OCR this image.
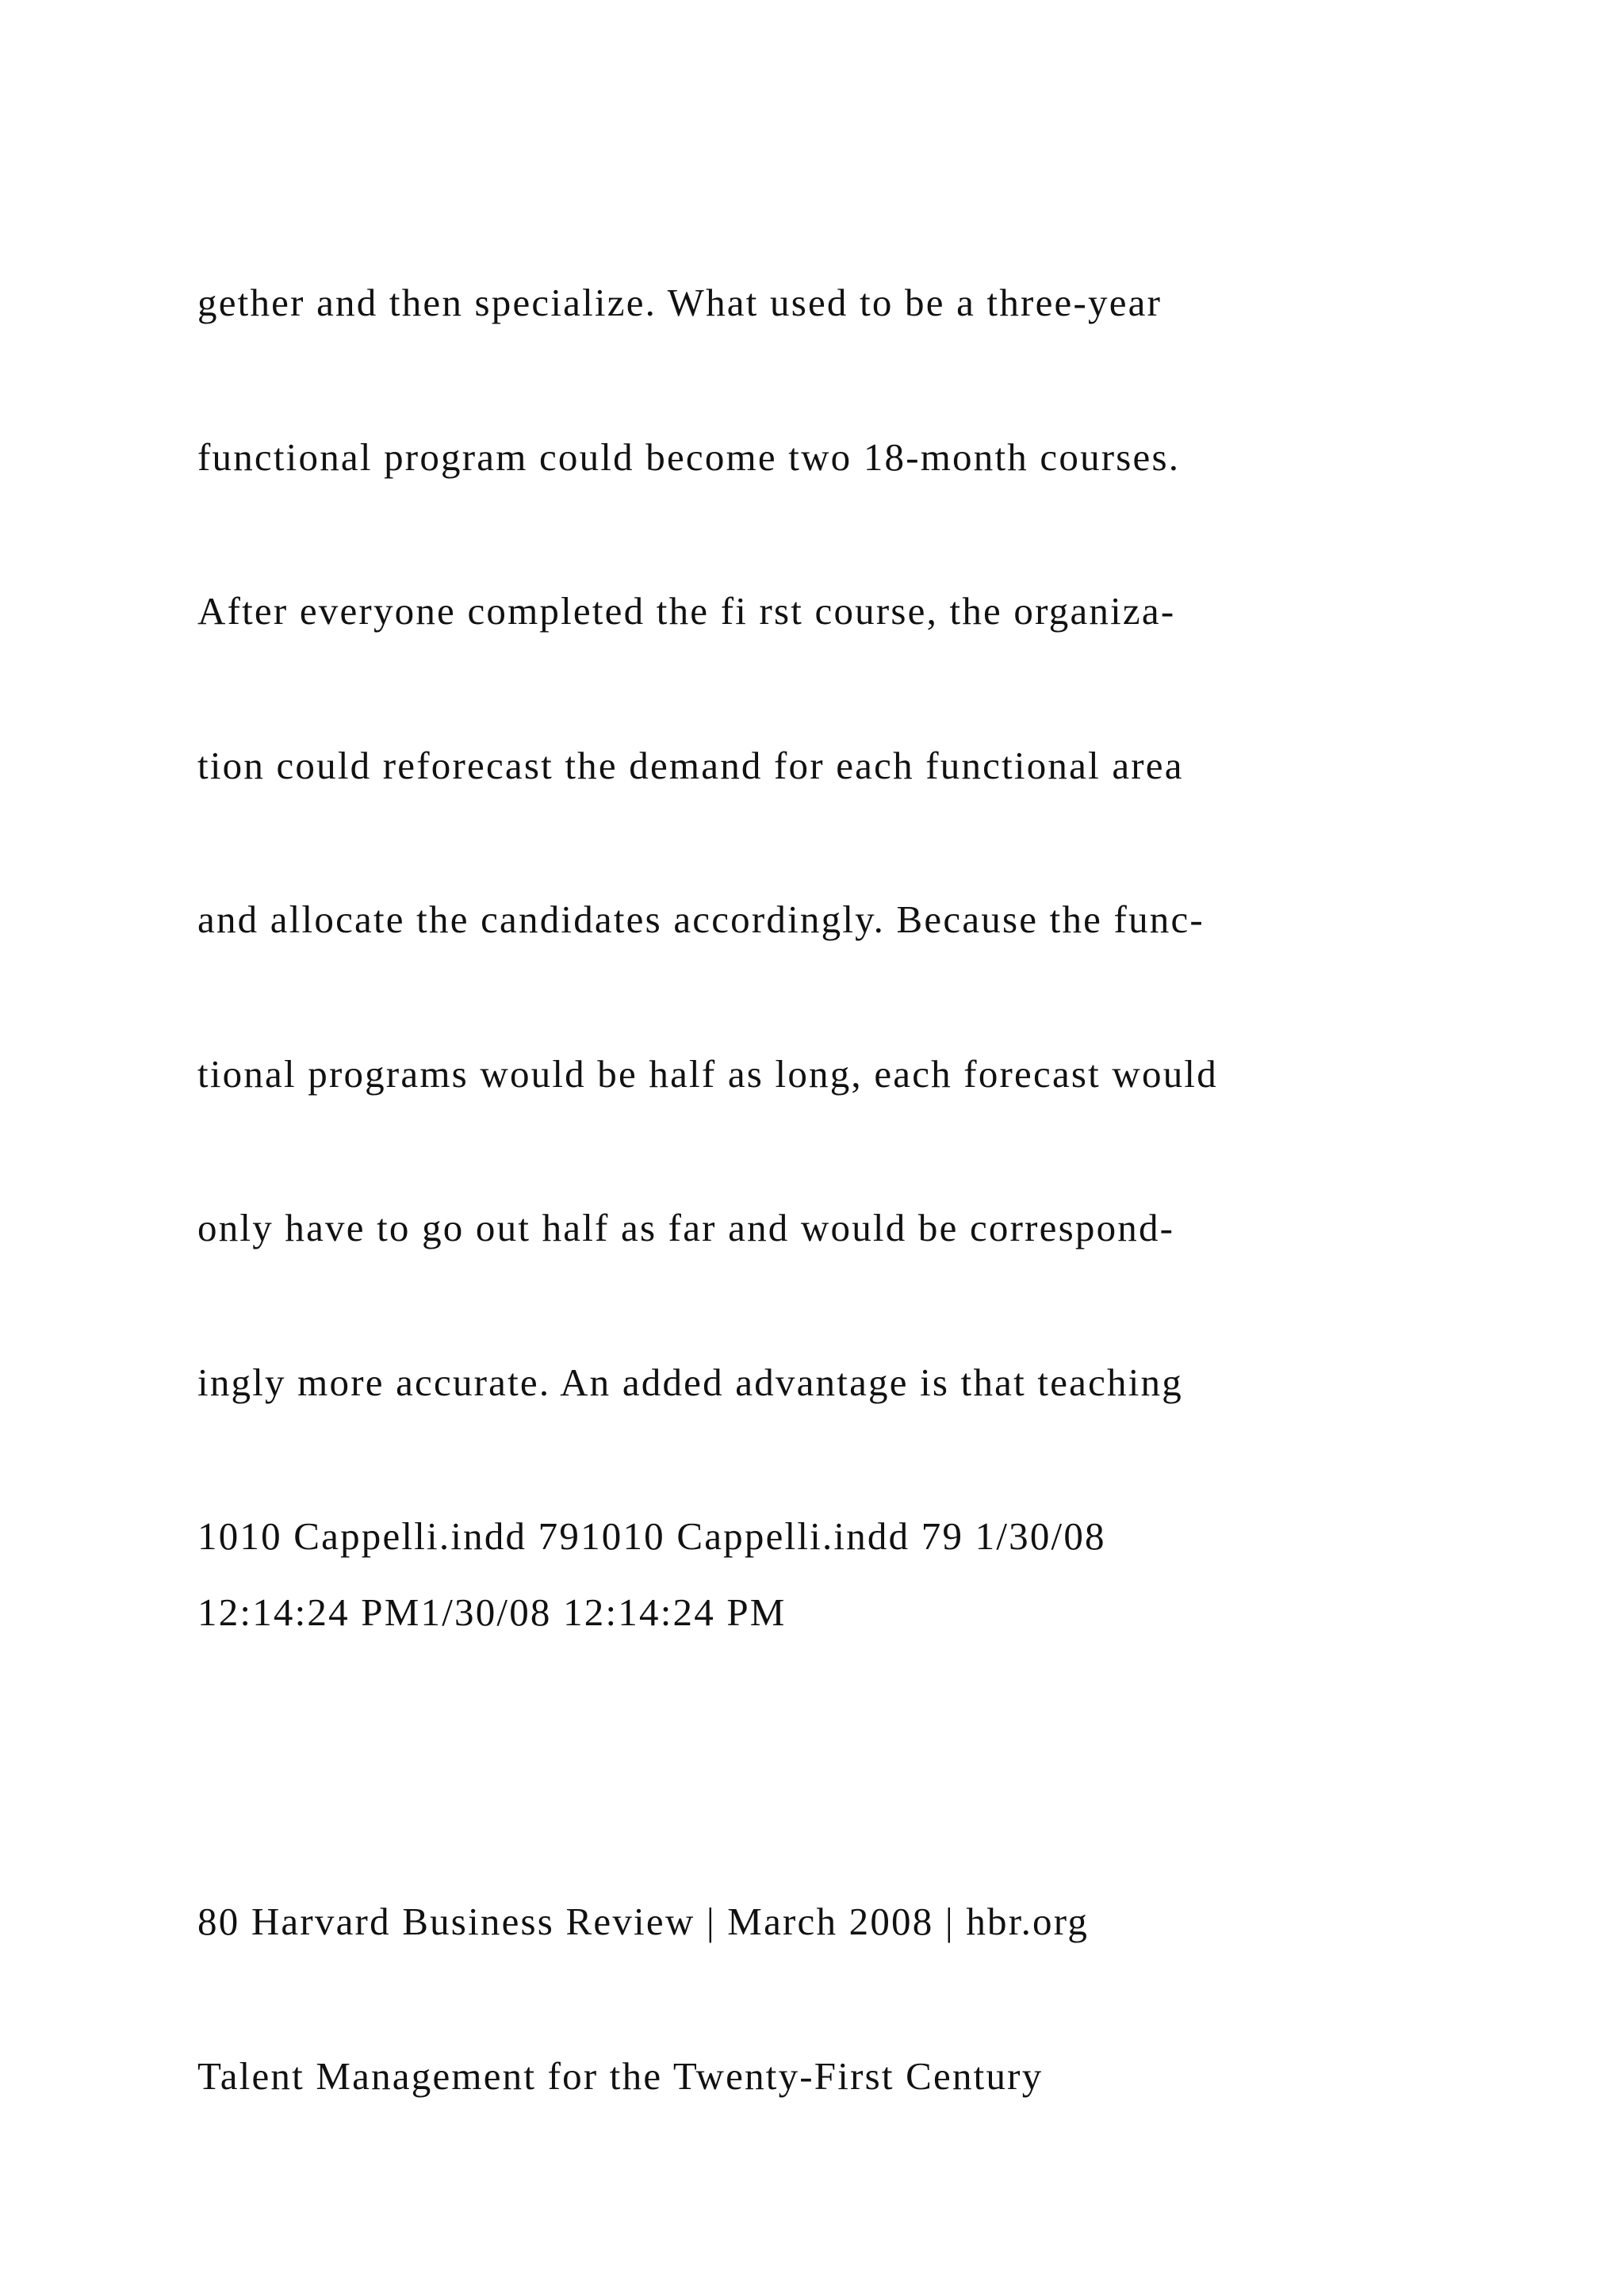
gether and then specialize. What used to be a three-year

functional program could become two 18-month courses.

After everyone completed the fi rst course, the organiza-

tion could reforecast the demand for each functional area

and allocate the candidates accordingly. Because the func-

tional programs would be half as long, each forecast would

only have to go out half as far and would be correspond-

ingly more accurate. An added advantage is that teaching

1010 Cappelli.indd 791010 Cappelli.indd 79 1/30/08

12:14:24 PM1/30/08 12:14:24 PM

80 Harvard Business Review | March 2008 | hbr.org

Talent Management for the Twenty-First Century
